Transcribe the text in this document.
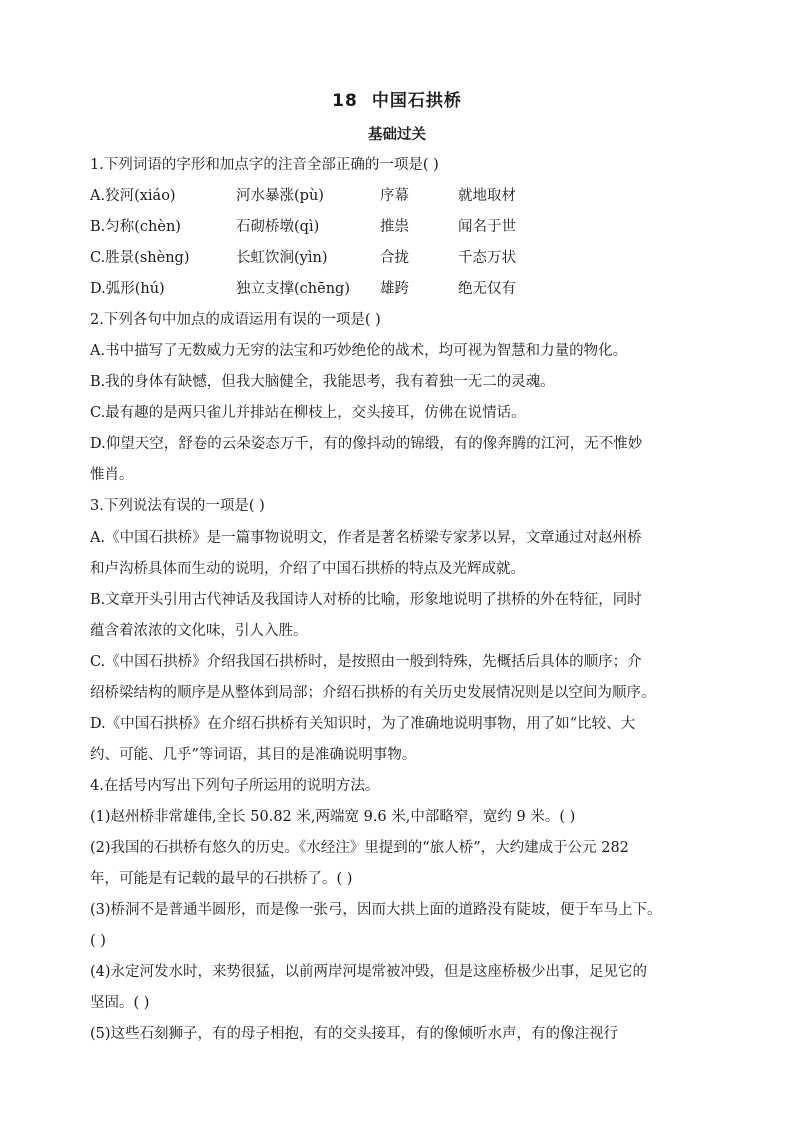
18 中国石拱桥
基础过关
1.下列词语的字形和加点字的注音全部正确的一项是( )
A.狡河(xiáo)	河水暴涨(pù)	序幕	就地取材
B.匀称(chèn)	石砌桥墩(qì)	推祟	闻名于世
C.胜景(shèng)	长虹饮涧(yìn)	合拢	千态万状
D.弧形(hú)	独立支撑(chēng) 雄跨	绝无仅有
2.下列各句中加点的成语运用有误的一项是( )
A.书中描写了无数威力无穷的法宝和巧妙绝伦的战术，均可视为智慧和力量的物化。
B.我的身体有缺憾，但我大脑健全，我能思考，我有着独一无二的灵魂。
C.最有趣的是两只雀儿并排站在柳枝上，交头接耳，仿佛在说情话。
D.仰望天空，舒卷的云朵姿态万千，有的像抖动的锦缎，有的像奔腾的江河，无不惟妙
惟肖。
3.下列说法有误的一项是( )
A.《中国石拱桥》是一篇事物说明文，作者是著名桥梁专家茅以昇，文章通过对赵州桥
和卢沟桥具体而生动的说明，介绍了中国石拱桥的特点及光辉成就。
B.文章开头引用古代神话及我国诗人对桥的比喻，形象地说明了拱桥的外在特征，同时
蕴含着浓浓的文化味，引人入胜。
C.《中国石拱桥》介绍我国石拱桥时，是按照由一般到特殊，先概括后具体的顺序；介
绍桥梁结构的顺序是从整体到局部；介绍石拱桥的有关历史发展情况则是以空间为顺序。
D.《中国石拱桥》在介绍石拱桥有关知识时，为了准确地说明事物，用了如“比较、大
约、可能、几乎”等词语，其目的是准确说明事物。
4.在括号内写出下列句子所运用的说明方法。
(1)赵州桥非常雄伟,全长 50.82 米,两端宽 9.6 米,中部略窄，宽约 9 米。( )
(2)我国的石拱桥有悠久的历史。《水经注》里提到的“旅人桥”，大约建成于公元 282
年，可能是有记载的最早的石拱桥了。( )
(3)桥洞不是普通半圆形，而是像一张弓，因而大拱上面的道路没有陡坡，便于车马上下。
( )
(4)永定河发水时，来势很猛，以前两岸河堤常被冲毁，但是这座桥极少出事，足见它的
坚固。( )
(5)这些石刻狮子，有的母子相抱，有的交头接耳，有的像倾听水声，有的像注视行
